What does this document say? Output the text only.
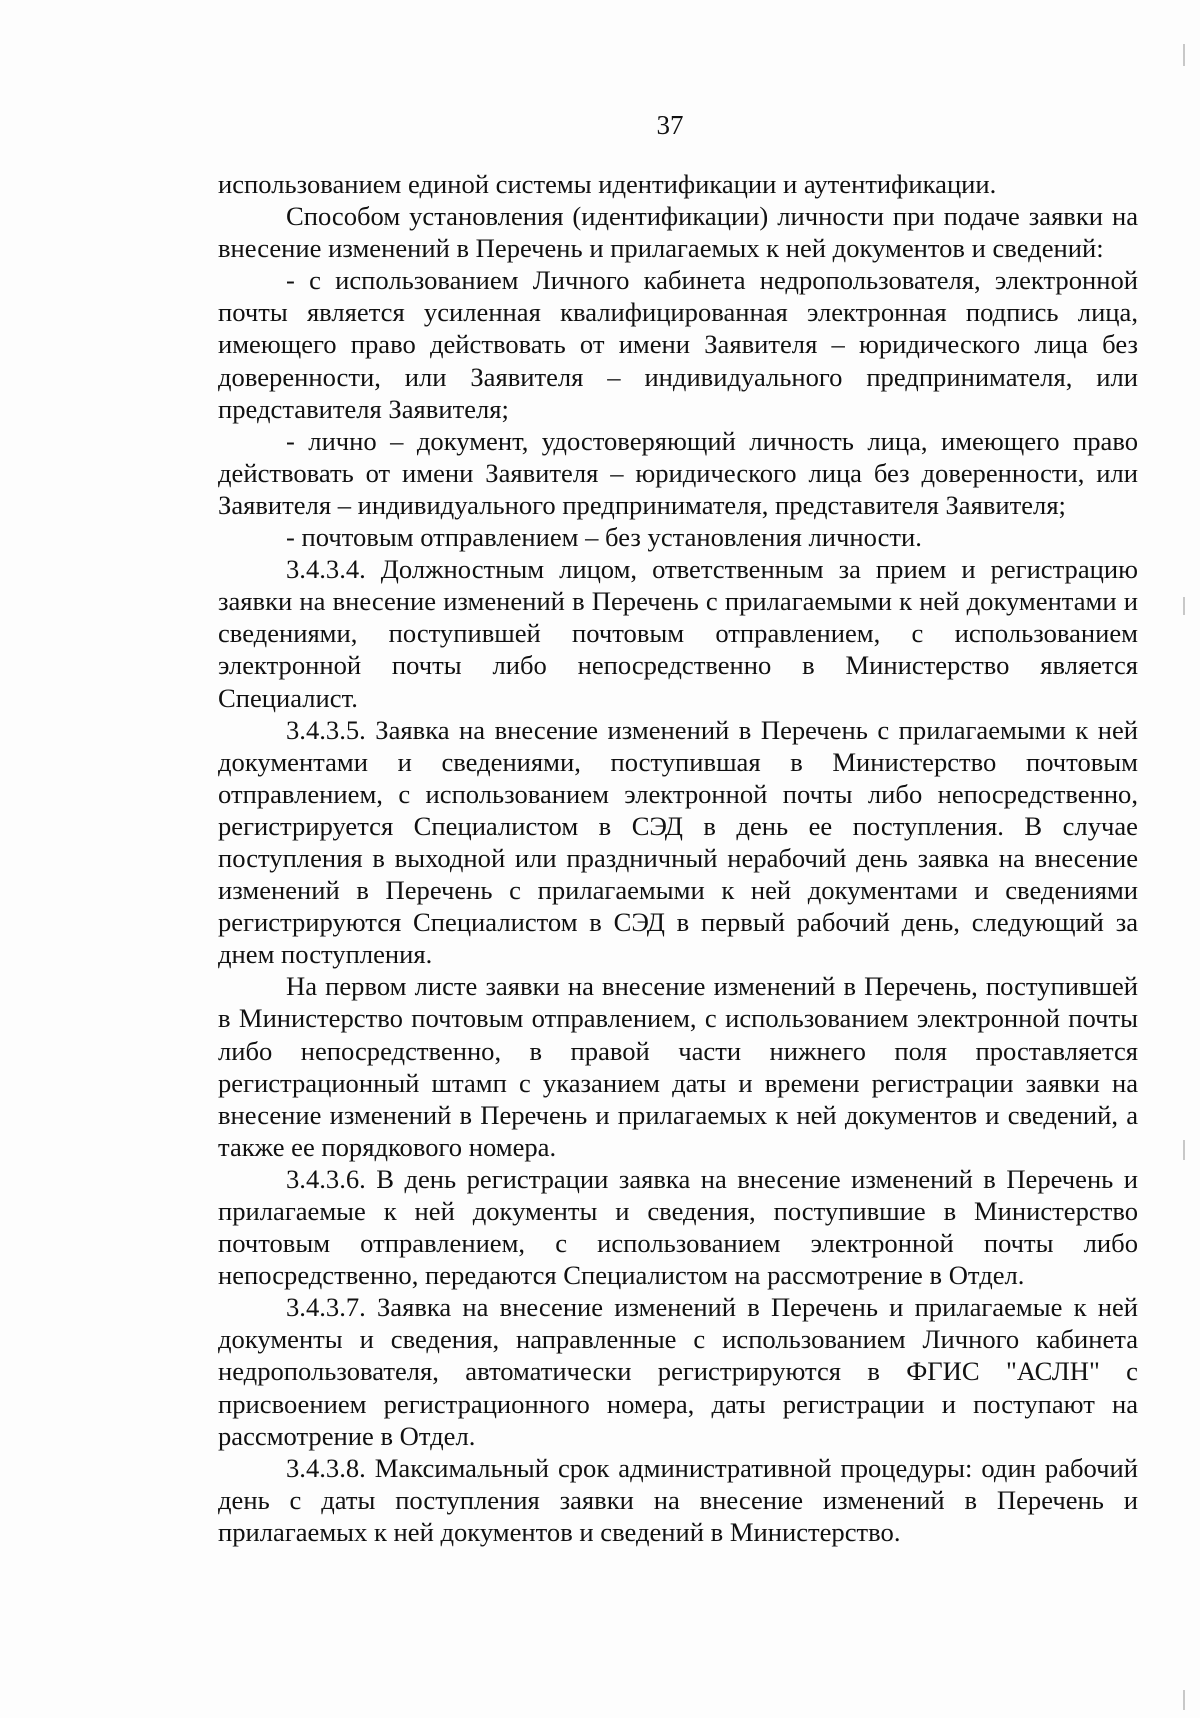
37

использованием единой системы идентификации и аутентификации.

Способом установления (идентификации) личности при подаче заявки на внесение изменений в Перечень и прилагаемых к ней документов и сведений:

- с использованием Личного кабинета недропользователя, электронной почты является усиленная квалифицированная электронная подпись лица, имеющего право действовать от имени Заявителя – юридического лица без доверенности, или Заявителя – индивидуального предпринимателя, или представителя Заявителя;

- лично – документ, удостоверяющий личность лица, имеющего право действовать от имени Заявителя – юридического лица без доверенности, или Заявителя – индивидуального предпринимателя, представителя Заявителя;

- почтовым отправлением – без установления личности.

3.4.3.4. Должностным лицом, ответственным за прием и регистрацию заявки на внесение изменений в Перечень с прилагаемыми к ней документами и сведениями, поступившей почтовым отправлением, с использованием электронной почты либо непосредственно в Министерство является Специалист.

3.4.3.5. Заявка на внесение изменений в Перечень с прилагаемыми к ней документами и сведениями, поступившая в Министерство почтовым отправлением, с использованием электронной почты либо непосредственно, регистрируется Специалистом в СЭД в день ее поступления. В случае поступления в выходной или праздничный нерабочий день заявка на внесение изменений в Перечень с прилагаемыми к ней документами и сведениями регистрируются Специалистом в СЭД в первый рабочий день, следующий за днем поступления.

На первом листе заявки на внесение изменений в Перечень, поступившей в Министерство почтовым отправлением, с использованием электронной почты либо непосредственно, в правой части нижнего поля проставляется регистрационный штамп с указанием даты и времени регистрации заявки на внесение изменений в Перечень и прилагаемых к ней документов и сведений, а также ее порядкового номера.

3.4.3.6. В день регистрации заявка на внесение изменений в Перечень и прилагаемые к ней документы и сведения, поступившие в Министерство почтовым отправлением, с использованием электронной почты либо непосредственно, передаются Специалистом на рассмотрение в Отдел.

3.4.3.7. Заявка на внесение изменений в Перечень и прилагаемые к ней документы и сведения, направленные с использованием Личного кабинета недропользователя, автоматически регистрируются в ФГИС "АСЛН" с присвоением регистрационного номера, даты регистрации и поступают на рассмотрение в Отдел.

3.4.3.8. Максимальный срок административной процедуры: один рабочий день с даты поступления заявки на внесение изменений в Перечень и прилагаемых к ней документов и сведений в Министерство.
